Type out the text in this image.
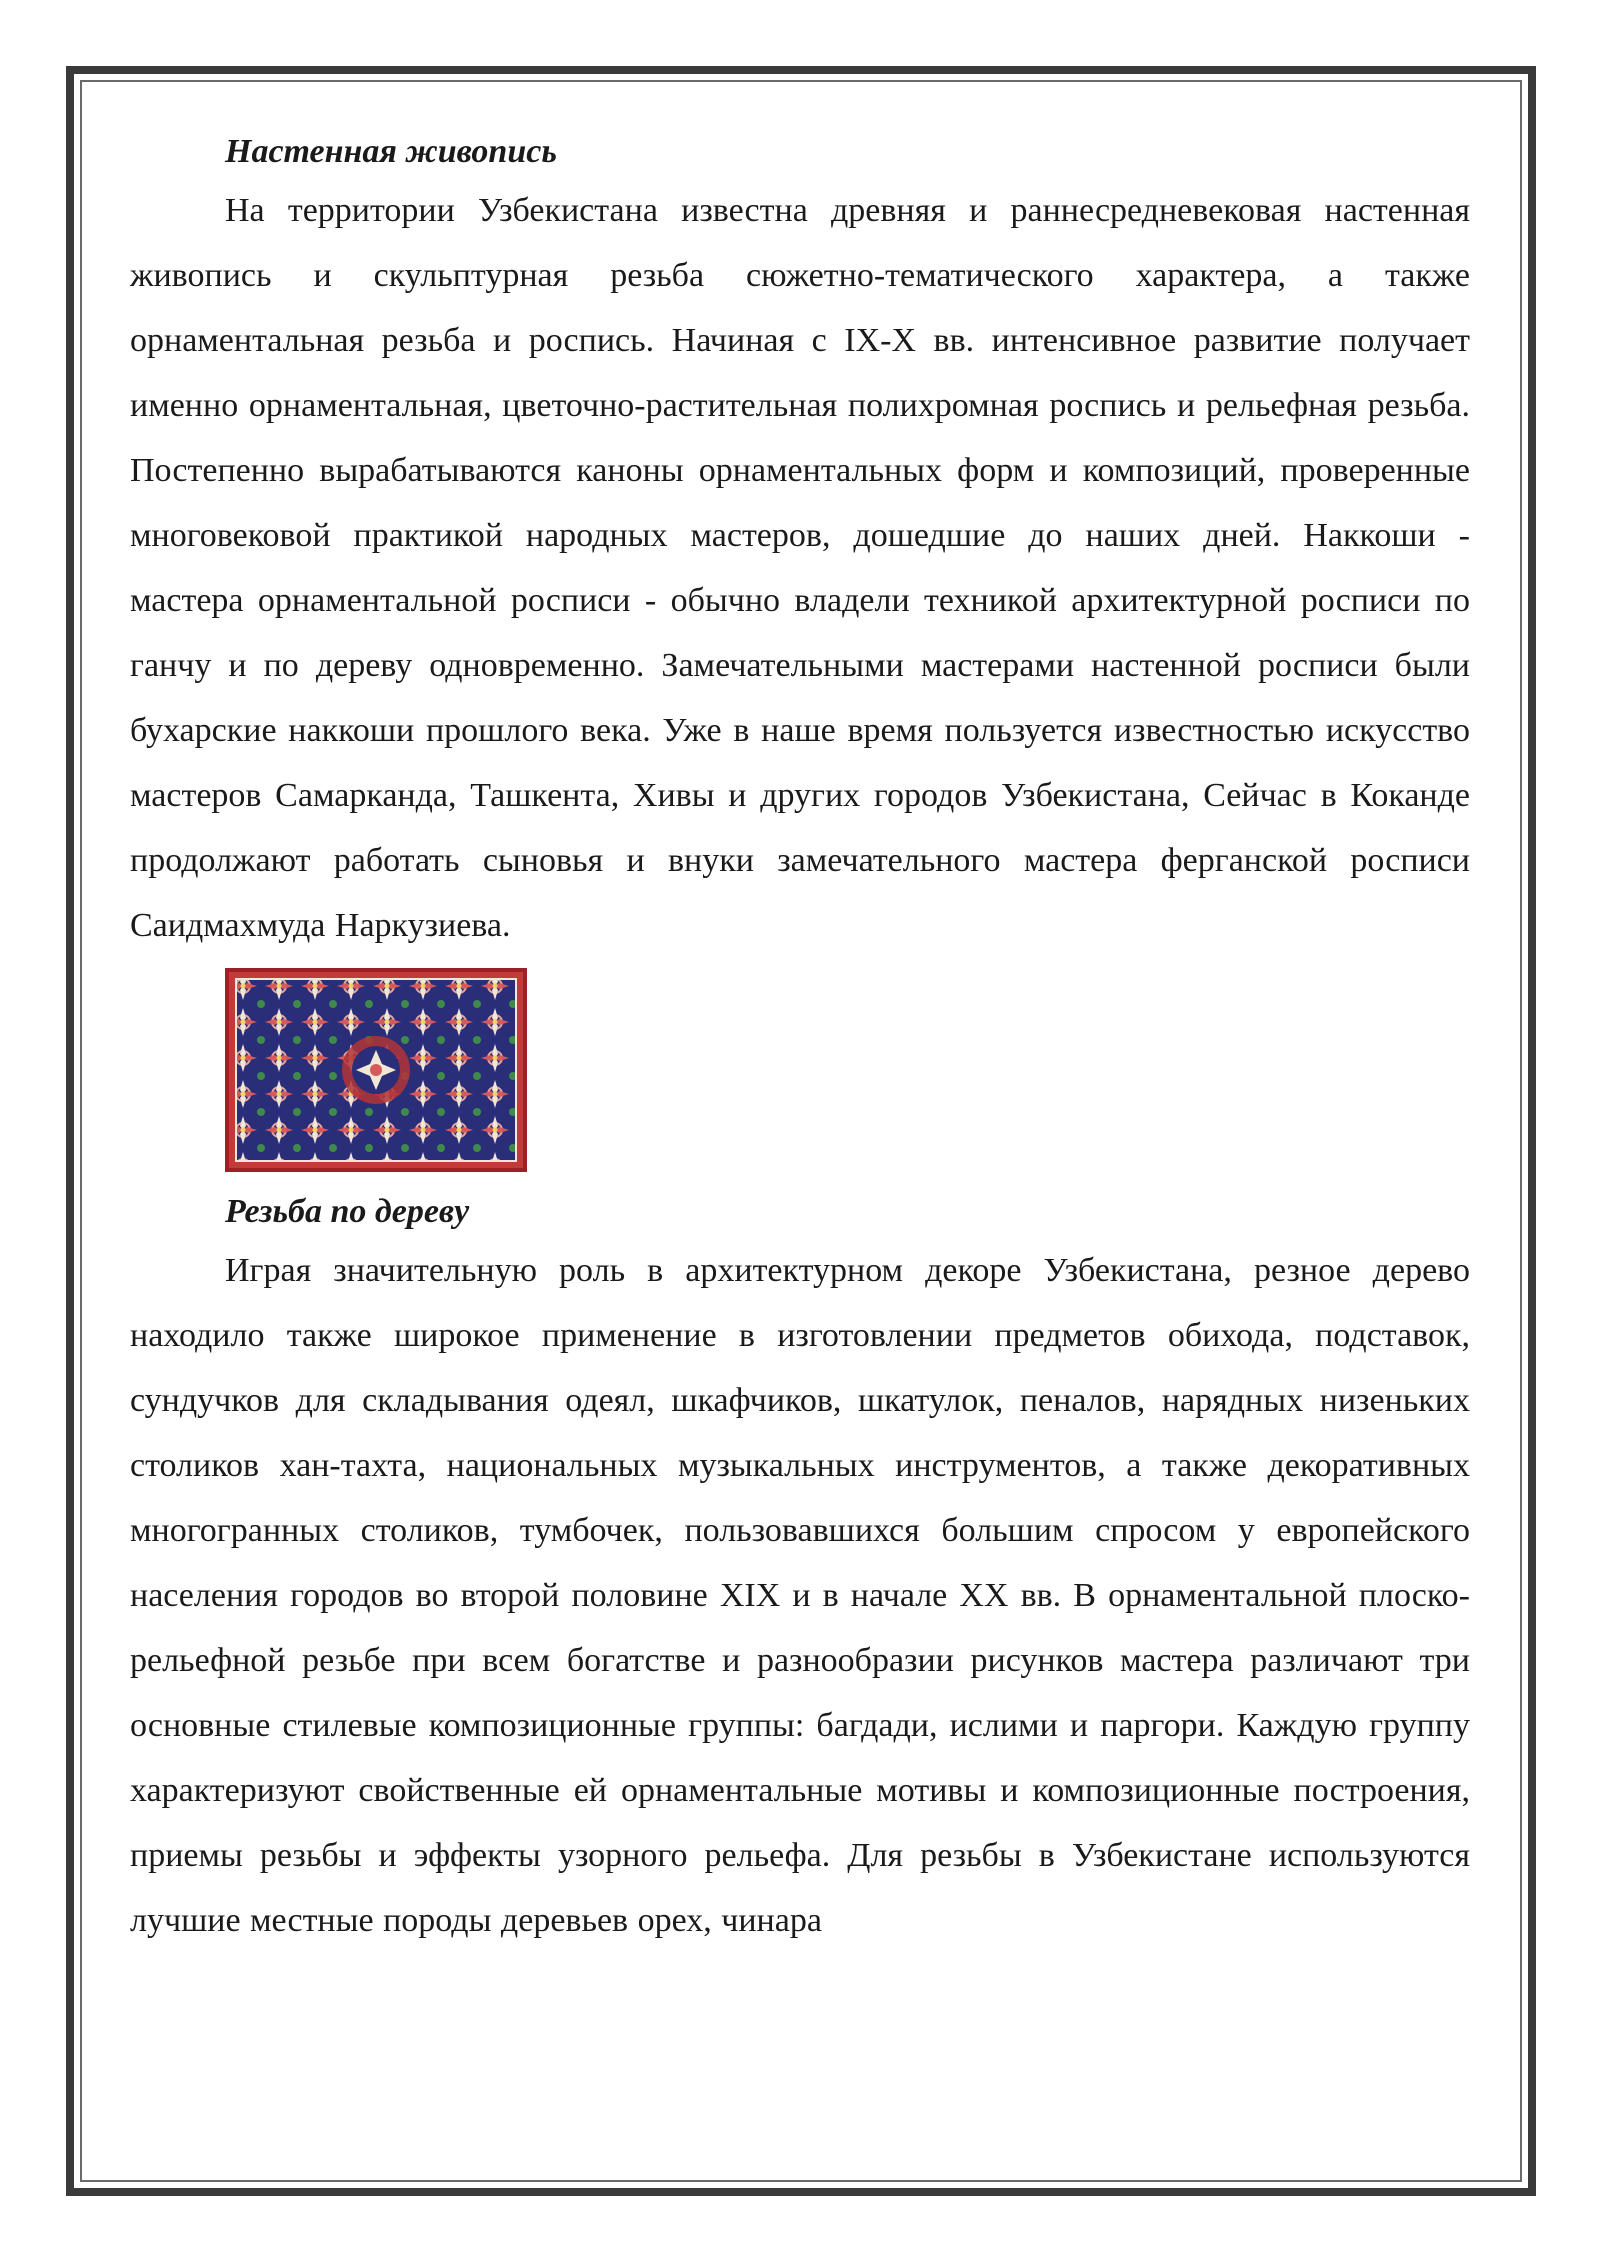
Настенная живопись

На территории Узбекистана известна древняя и раннесредневековая настенная живопись и скульптурная резьба сюжетно-тематического характера, а также орнаментальная резьба и роспись. Начиная с IX-X вв. интенсивное развитие получает именно орнаментальная, цветочно-растительная полихромная роспись и рельефная резьба. Постепенно вырабатываются каноны орнаментальных форм и композиций, проверенные многовековой практикой народных мастеров, дошедшие до наших дней. Наккоши - мастера орнаментальной росписи - обычно владели техникой архитектурной росписи по ганчу и по дереву одновременно. Замечательными мастерами настенной росписи были бухарские наккоши прошлого века. Уже в наше время пользуется известностью искусство мастеров Самарканда, Ташкента, Хивы и других городов Узбекистана, Сейчас в Коканде продолжают работать сыновья и внуки замечательного мастера ферганской росписи Саидмахмуда Наркузиева.

Резьба по дереву

Играя значительную роль в архитектурном декоре Узбекистана, резное дерево находило также широкое применение в изготовлении предметов обихода, подставок, сундучков для складывания одеял, шкафчиков, шкатулок, пеналов, нарядных низеньких столиков хан-тахта, национальных музыкальных инструментов, а также декоративных многогранных столиков, тумбочек, пользовавшихся большим спросом у европейского населения городов во второй половине XIX и в начале XX вв. В орнаментальной плоско-рельефной резьбе при всем богатстве и разнообразии рисунков мастера различают три основные стилевые композиционные группы: багдади, ислими и паргори. Каждую группу характеризуют свойственные ей орнаментальные мотивы и композиционные построения, приемы резьбы и эффекты узорного рельефа. Для резьбы в Узбекистане используются лучшие местные породы деревьев орех, чинара
